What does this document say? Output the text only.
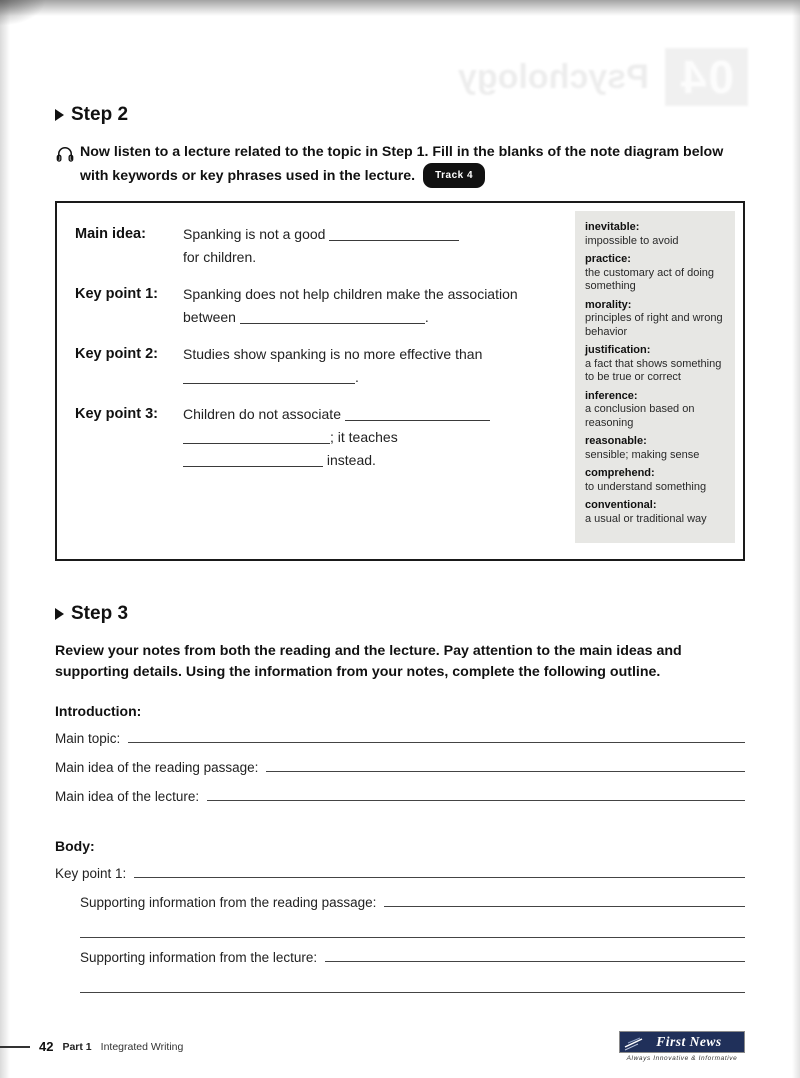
04
Psychology
Step 2

Now listen to a lecture related to the topic in Step 1. Fill in the blanks of the note diagram below with keywords or key phrases used in the lecture. Track 4

Main idea:	Spanking is not a good
for children.
Key point 1:	Spanking does not help children make the association
between	.
Key point 2:	Studies show spanking is no more effective than
.
Key point 3:	Children do not associate
; it teaches
instead.
inevitable:
impossible to avoid
practice:
the customary act of doing something
morality:
principles of right and wrong behavior
justification:
a fact that shows something to be true or correct
inference:
a conclusion based on reasoning
reasonable:
sensible; making sense
comprehend:
to understand something
conventional:
a usual or traditional way
Step 3

Review your notes from both the reading and the lecture. Pay attention to the main ideas and supporting details. Using the information from your notes, complete the following outline.

Introduction:
Main topic:
Main idea of the reading passage:
Main idea of the lecture:
Body:
Key point 1:
Supporting information from the reading passage:
Supporting information from the lecture:
42 Part 1 Integrated Writing	First News
Always Innovative & Informative
